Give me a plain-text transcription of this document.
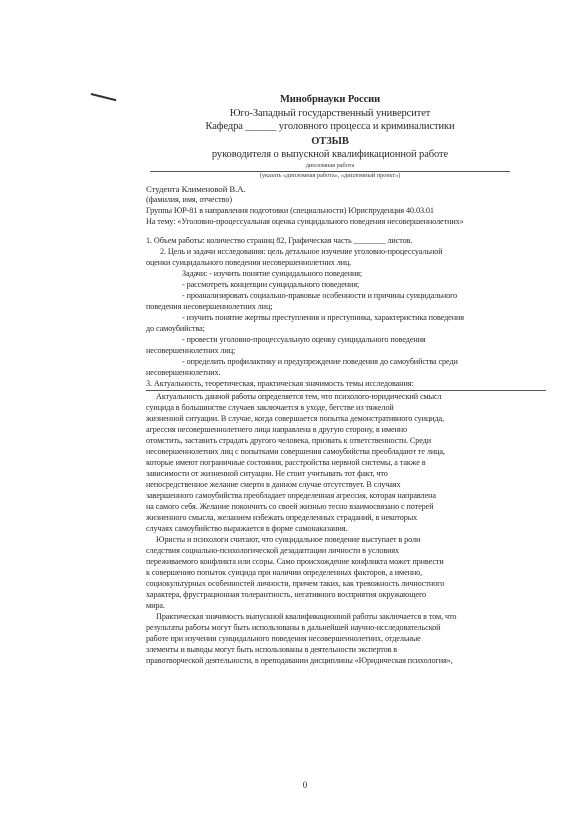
Минобрнауки России
Юго-Западный государственный университет
Кафедра ______ уголовного процесса и криминалистики
ОТЗЫВ
руководителя о выпускной квалификационной работе
дипломная работа
(указать «дипломная работа», «дипломный проект»)
Студента Клименовой В.А.
(фамилия, имя, отчество)
Группы ЮР-81 в направления подготовки (специальности) Юриспруденция 40.03.01
На тему: «Уголовно-процессуальная оценка суицидального поведения несовершеннолетних»
1. Объем работы: количество страниц 82, Графическая часть ________ листов.
2. Цель и задачи исследования: цель детальное изучение уголовно-процессуальной
оценки суицидального поведения несовершеннолетних лиц.
Задачи: - изучить понятие суицидального поведения;
- рассмотреть концепции суицидального поведения;
- проанализировать социально-правовые особенности и причины суицидального
поведения несовершеннолетних лиц;
- изучить понятие жертвы преступления и преступника, характеристика поведения
до самоубийства;
- провести уголовно-процессуальную оценку суицидального поведения
несовершеннолетних лиц;
- определить профилактику и предупреждение поведения до самоубийства среди
несовершеннолетних.
3. Актуальность, теоретическая, практическая значимость темы исследования:
Актуальность данной работы определяется тем, что психолого-юридический смысл
суицида в большинстве случаев заключается в уходе, бегстве из тяжелой
жизненной ситуации. В случае, когда совершается попытка демонстративного суицида,
агрессия несовершеннолетнего лица направлена в другую сторону, в именно
отомстить, заставить страдать другого человека, призвать к ответственности. Среди
несовершеннолетних лиц с попытками совершения самоубийства преобладают те лица,
которые имеют пограничные состояния, расстройства нервной системы, а также в
зависимости от жизненной ситуации. Не стоит учитывать тот факт, что
непосредственное желание смерти в данном случае отсутствует. В случаях
завершенного самоубийства преобладает определенная агрессия, которая направлена
на самого себя. Желание покончить со своей жизнью тесно взаимосвязано с потерей
жизненного смысла, желанием избежать определенных страданий, в некоторых
случаях самоубийство выражается в форме самонаказания.
Юристы и психологи считают, что суицидальное поведение выступает в роли
следствия социально-психологической дезадаптации личности в условиях
переживаемого конфликта или ссоры. Само происхождение конфликта может привести
к совершению попыток суицида при наличии определенных факторов, а именно,
социокультурных особенностей личности, причем таких, как тревожность личностного
характера, фрустрационная толерантность, негативного восприятия окружающего
мира.
Практическая значимость выпускной квалификационной работы заключается в том, что
результаты работы могут быть использованы в дальнейшей научно-исследовательской
работе при изучении суицидального поведения несовершеннолетних, отдельные
элементы и выводы могут быть использованы в деятельности экспертов в
правотворческой деятельности, в преподавании дисциплины «Юридическая психология»,
0
